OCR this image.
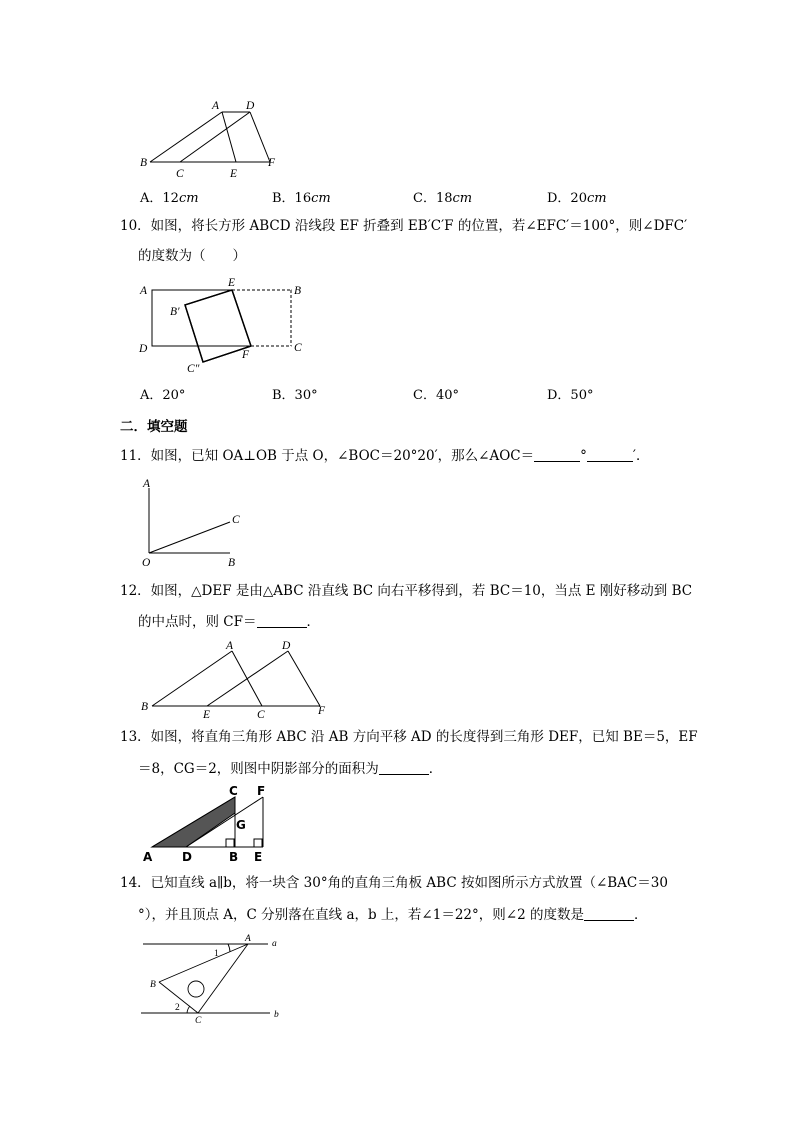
A D
B
C	E
F
A．12cm	B．16cm	C．18cm	D．20cm
10．如图，将长方形 ABCD 沿线段 EF 折叠到 EB′C′F 的位置，若∠EFC′＝100°，则∠DFC′
的度数为（　　）
A
E
B
B′
D	F
C
C″
A．20°	B．30°	C．40°	D．50°
二．填空题
11．如图，已知 OA⊥OB 于点 O，∠BOC＝20°20′，那么∠AOC＝	°	′．
A
C
O	B
12．如图，△DEF 是由△ABC 沿直线 BC 向右平移得到，若 BC＝10，当点 E 刚好移动到 BC
的中点时，则 CF＝	．
A	D
B
E	C	F
13．如图，将直角三角形 ABC 沿 AB 方向平移 AD 的长度得到三角形 DEF，已知 BE＝5，EF
＝8，CG＝2，则图中阴影部分的面积为	．
C F
G
A D	B E
14．已知直线 a∥b，将一块含 30°角的直角三角板 ABC 按如图所示方式放置（∠BAC＝30
°），并且顶点 A，C 分别落在直线 a，b 上，若∠1＝22°，则∠2 的度数是	．
A a
1
B
2
C
b
